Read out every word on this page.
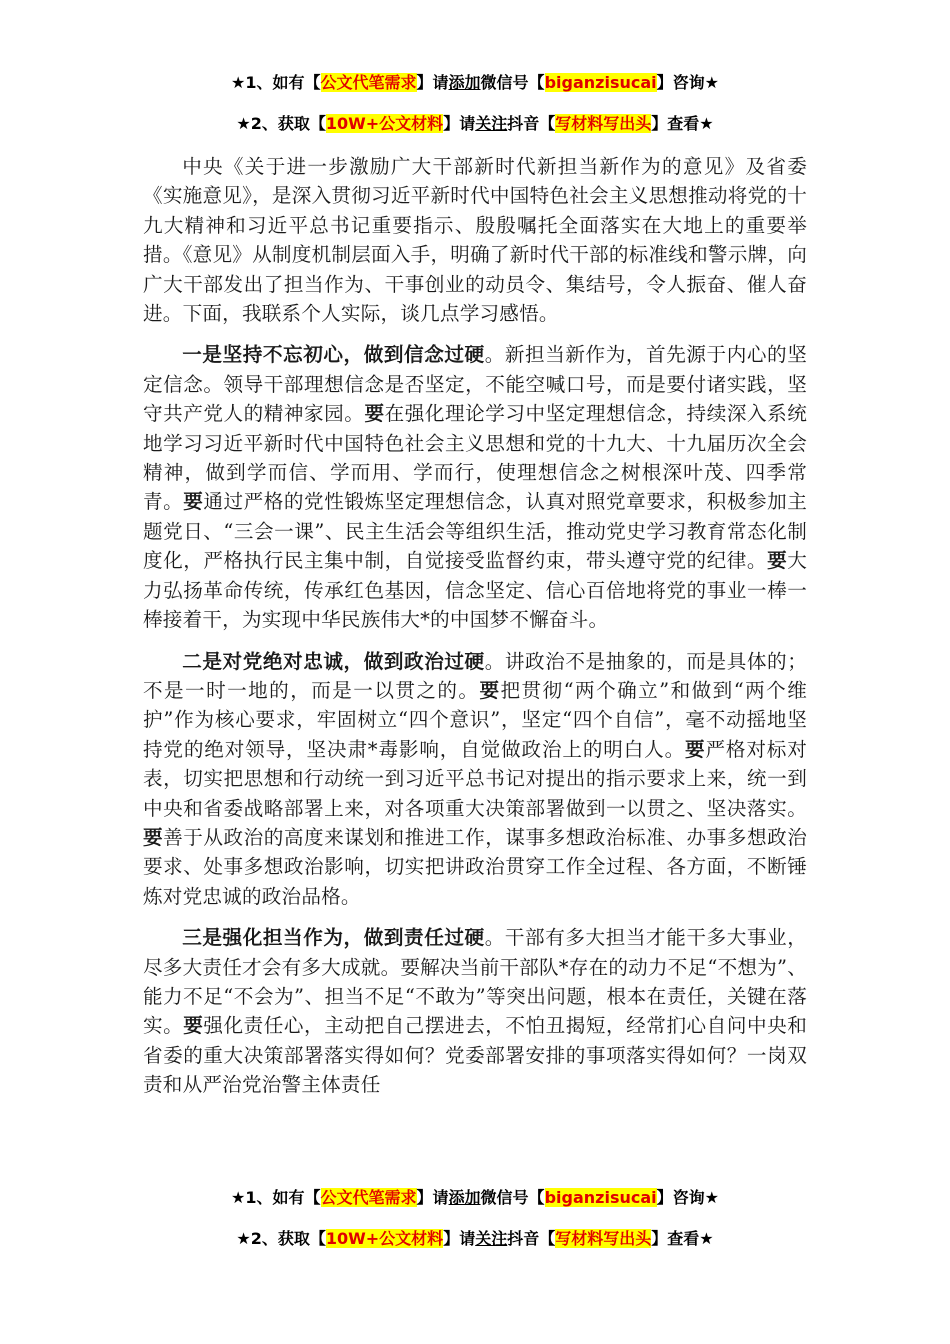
★1、如有【公文代笔需求】请添加微信号【biganzisucai】咨询★
★2、获取【10W+公文材料】请关注抖音【写材料写出头】查看★

中央《关于进一步激励广大干部新时代新担当新作为的意见》及省委《实施意见》，是深入贯彻习近平新时代中国特色社会主义思想推动将党的十九大精神和习近平总书记重要指示、殷殷嘱托全面落实在大地上的重要举措。《意见》从制度机制层面入手，明确了新时代干部的标准线和警示牌，向广大干部发出了担当作为、干事创业的动员令、集结号，令人振奋、催人奋进。下面，我联系个人实际，谈几点学习感悟。

一是坚持不忘初心，做到信念过硬。新担当新作为，首先源于内心的坚定信念。领导干部理想信念是否坚定，不能空喊口号，而是要付诸实践，坚守共产党人的精神家园。要在强化理论学习中坚定理想信念，持续深入系统地学习习近平新时代中国特色社会主义思想和党的十九大、十九届历次全会精神，做到学而信、学而用、学而行，使理想信念之树根深叶茂、四季常青。要通过严格的党性锻炼坚定理想信念，认真对照党章要求，积极参加主题党日、“三会一课”、民主生活会等组织生活，推动党史学习教育常态化制度化，严格执行民主集中制，自觉接受监督约束，带头遵守党的纪律。要大力弘扬革命传统，传承红色基因，信念坚定、信心百倍地将党的事业一棒一棒接着干，为实现中华民族伟大*的中国梦不懈奋斗。

二是对党绝对忠诚，做到政治过硬。讲政治不是抽象的，而是具体的；不是一时一地的，而是一以贯之的。要把贯彻“两个确立”和做到“两个维护”作为核心要求，牢固树立“四个意识”，坚定“四个自信”，毫不动摇地坚持党的绝对领导，坚决肃*毒影响，自觉做政治上的明白人。要严格对标对表，切实把思想和行动统一到习近平总书记对提出的指示要求上来，统一到中央和省委战略部署上来，对各项重大决策部署做到一以贯之、坚决落实。要善于从政治的高度来谋划和推进工作，谋事多想政治标准、办事多想政治要求、处事多想政治影响，切实把讲政治贯穿工作全过程、各方面，不断锤炼对党忠诚的政治品格。

三是强化担当作为，做到责任过硬。干部有多大担当才能干多大事业，尽多大责任才会有多大成就。要解决当前干部队*存在的动力不足“不想为”、能力不足“不会为”、担当不足“不敢为”等突出问题，根本在责任，关键在落实。要强化责任心，主动把自己摆进去，不怕丑揭短，经常扪心自问中央和省委的重大决策部署落实得如何？党委部署安排的事项落实得如何？一岗双责和从严治党治警主体责任

★1、如有【公文代笔需求】请添加微信号【biganzisucai】咨询★
★2、获取【10W+公文材料】请关注抖音【写材料写出头】查看★
